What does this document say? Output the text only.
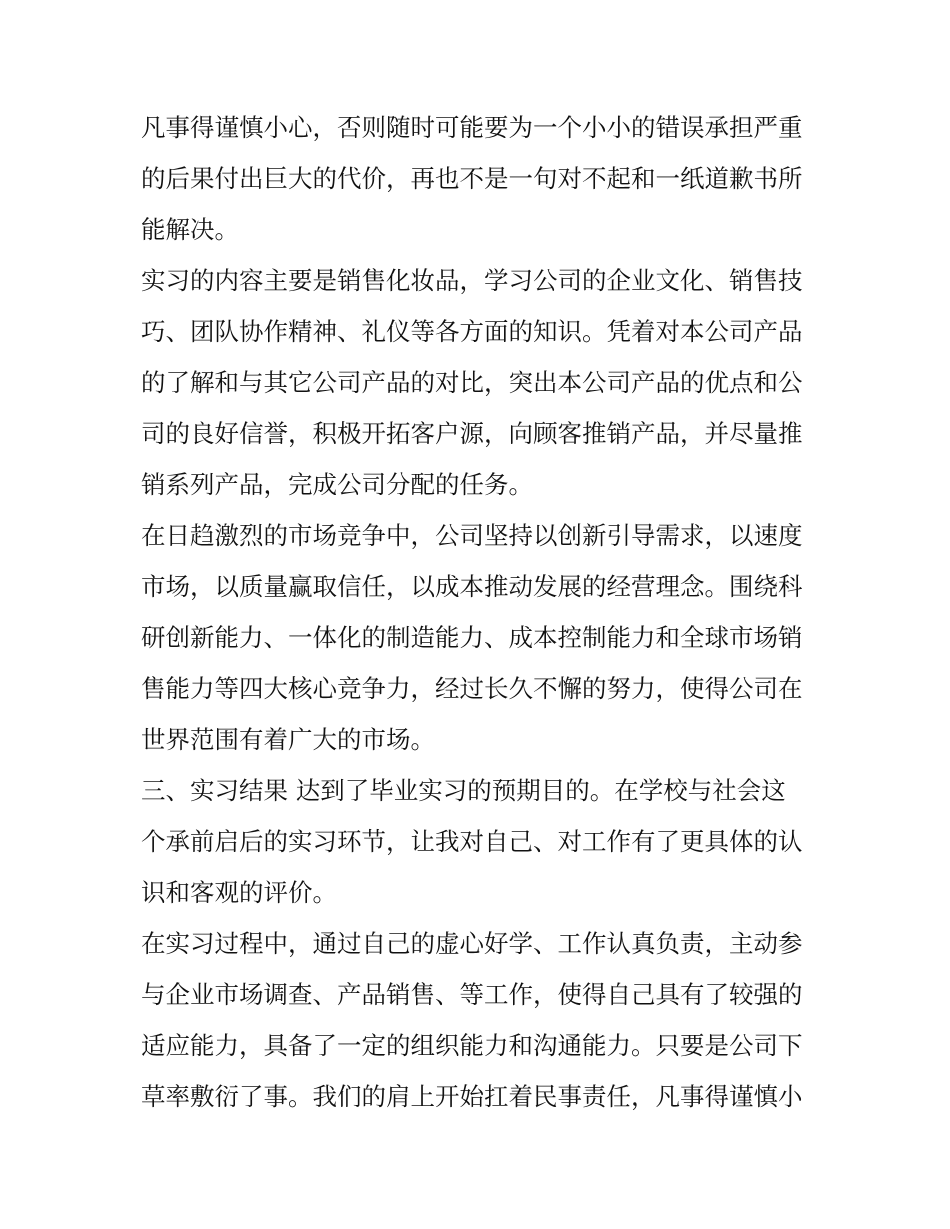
凡事得谨慎小心，否则随时可能要为一个小小的错误承担严重
的后果付出巨大的代价，再也不是一句对不起和一纸道歉书所
能解决。
实习的内容主要是销售化妆品，学习公司的企业文化、销售技
巧、团队协作精神、礼仪等各方面的知识。凭着对本公司产品
的了解和与其它公司产品的对比，突出本公司产品的优点和公
司的良好信誉，积极开拓客户源，向顾客推销产品，并尽量推
销系列产品，完成公司分配的任务。
在日趋激烈的市场竞争中，公司坚持以创新引导需求，以速度
市场，以质量赢取信任，以成本推动发展的经营理念。围绕科
研创新能力、一体化的制造能力、成本控制能力和全球市场销
售能力等四大核心竞争力，经过长久不懈的努力，使得公司在
世界范围有着广大的市场。
三、实习结果 达到了毕业实习的预期目的。在学校与社会这
个承前启后的实习环节，让我对自己、对工作有了更具体的认
识和客观的评价。
在实习过程中，通过自己的虚心好学、工作认真负责，主动参
与企业市场调查、产品销售、等工作，使得自己具有了较强的
适应能力，具备了一定的组织能力和沟通能力。只要是公司下
草率敷衍了事。我们的肩上开始扛着民事责任，凡事得谨慎小
